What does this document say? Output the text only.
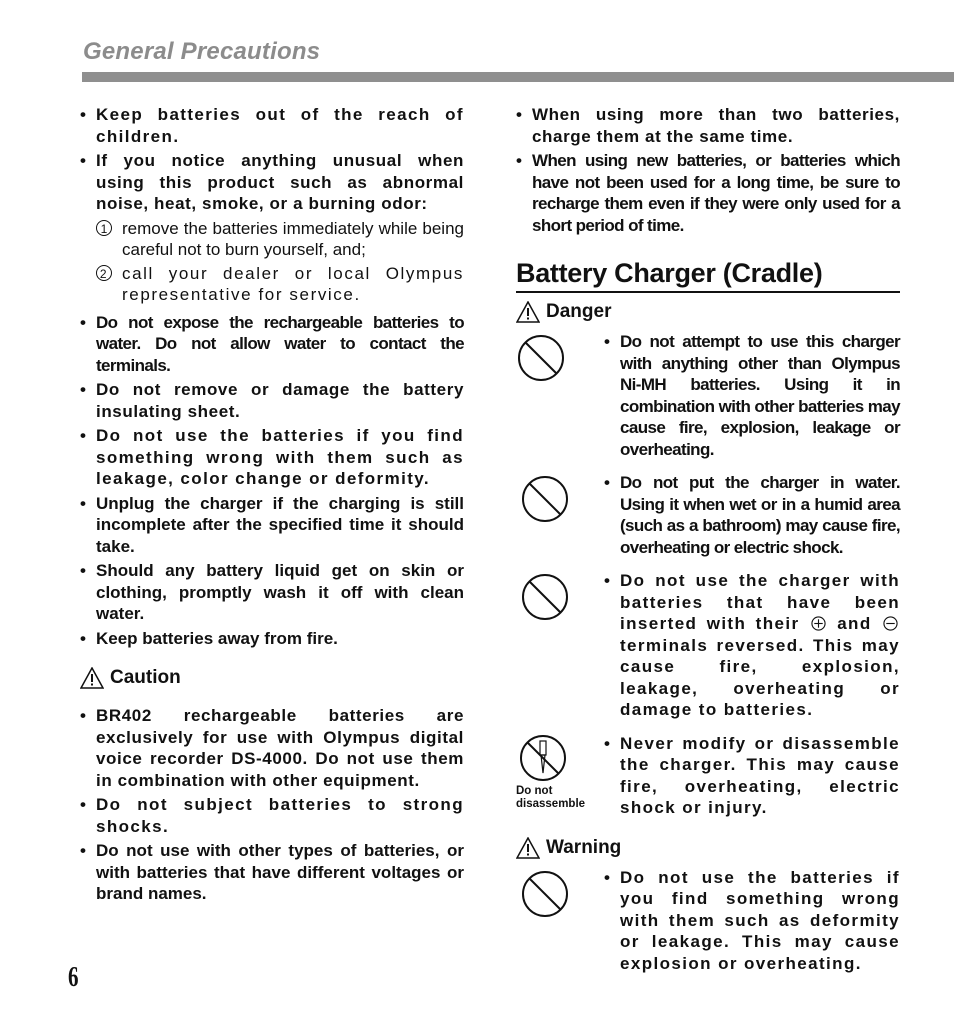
General Precautions
• Keep batteries out of the reach of children.
• If you notice anything unusual when using this product such as abnormal noise, heat, smoke, or a burning odor:
1 remove the batteries immediately while being careful not to burn yourself, and;
2 call your dealer or local Olympus representative for service.
• Do not expose the rechargeable batteries to water. Do not allow water to contact the terminals.
• Do not remove or damage the battery insulating sheet.
• Do not use the batteries if you find something wrong with them such as leakage, color change or deformity.
• Unplug the charger if the charging is still incomplete after the specified time it should take.
• Should any battery liquid get on skin or clothing, promptly wash it off with clean water.
• Keep batteries away from fire.
Caution
• BR402 rechargeable batteries are exclusively for use with Olympus digital voice recorder DS-4000. Do not use them in combination with other equipment.
• Do not subject batteries to strong shocks.
• Do not use with other types of batteries, or with batteries that have different voltages or brand names.
• When using more than two batteries, charge them at the same time.
• When using new batteries, or batteries which have not been used for a long time, be sure to recharge them even if they were only used for a short period of time.
Battery Charger (Cradle)
Danger
• Do not attempt to use this charger with anything other than Olympus Ni-MH batteries. Using it in combination with other batteries may cause fire, explosion, leakage or overheating.
• Do not put the charger in water. Using it when wet or in a humid area (such as a bathroom) may cause fire, overheating or electric shock.
• Do not use the charger with batteries that have been inserted with their and  terminals reversed. This may cause fire, explosion, leakage, overheating or damage to batteries.
Do not
disassemble
• Never modify or disassemble the charger. This may cause fire, overheating, electric shock or injury.
Warning
• Do not use the batteries if you find something wrong with them such as deformity or leakage. This may cause explosion or overheating.
6
